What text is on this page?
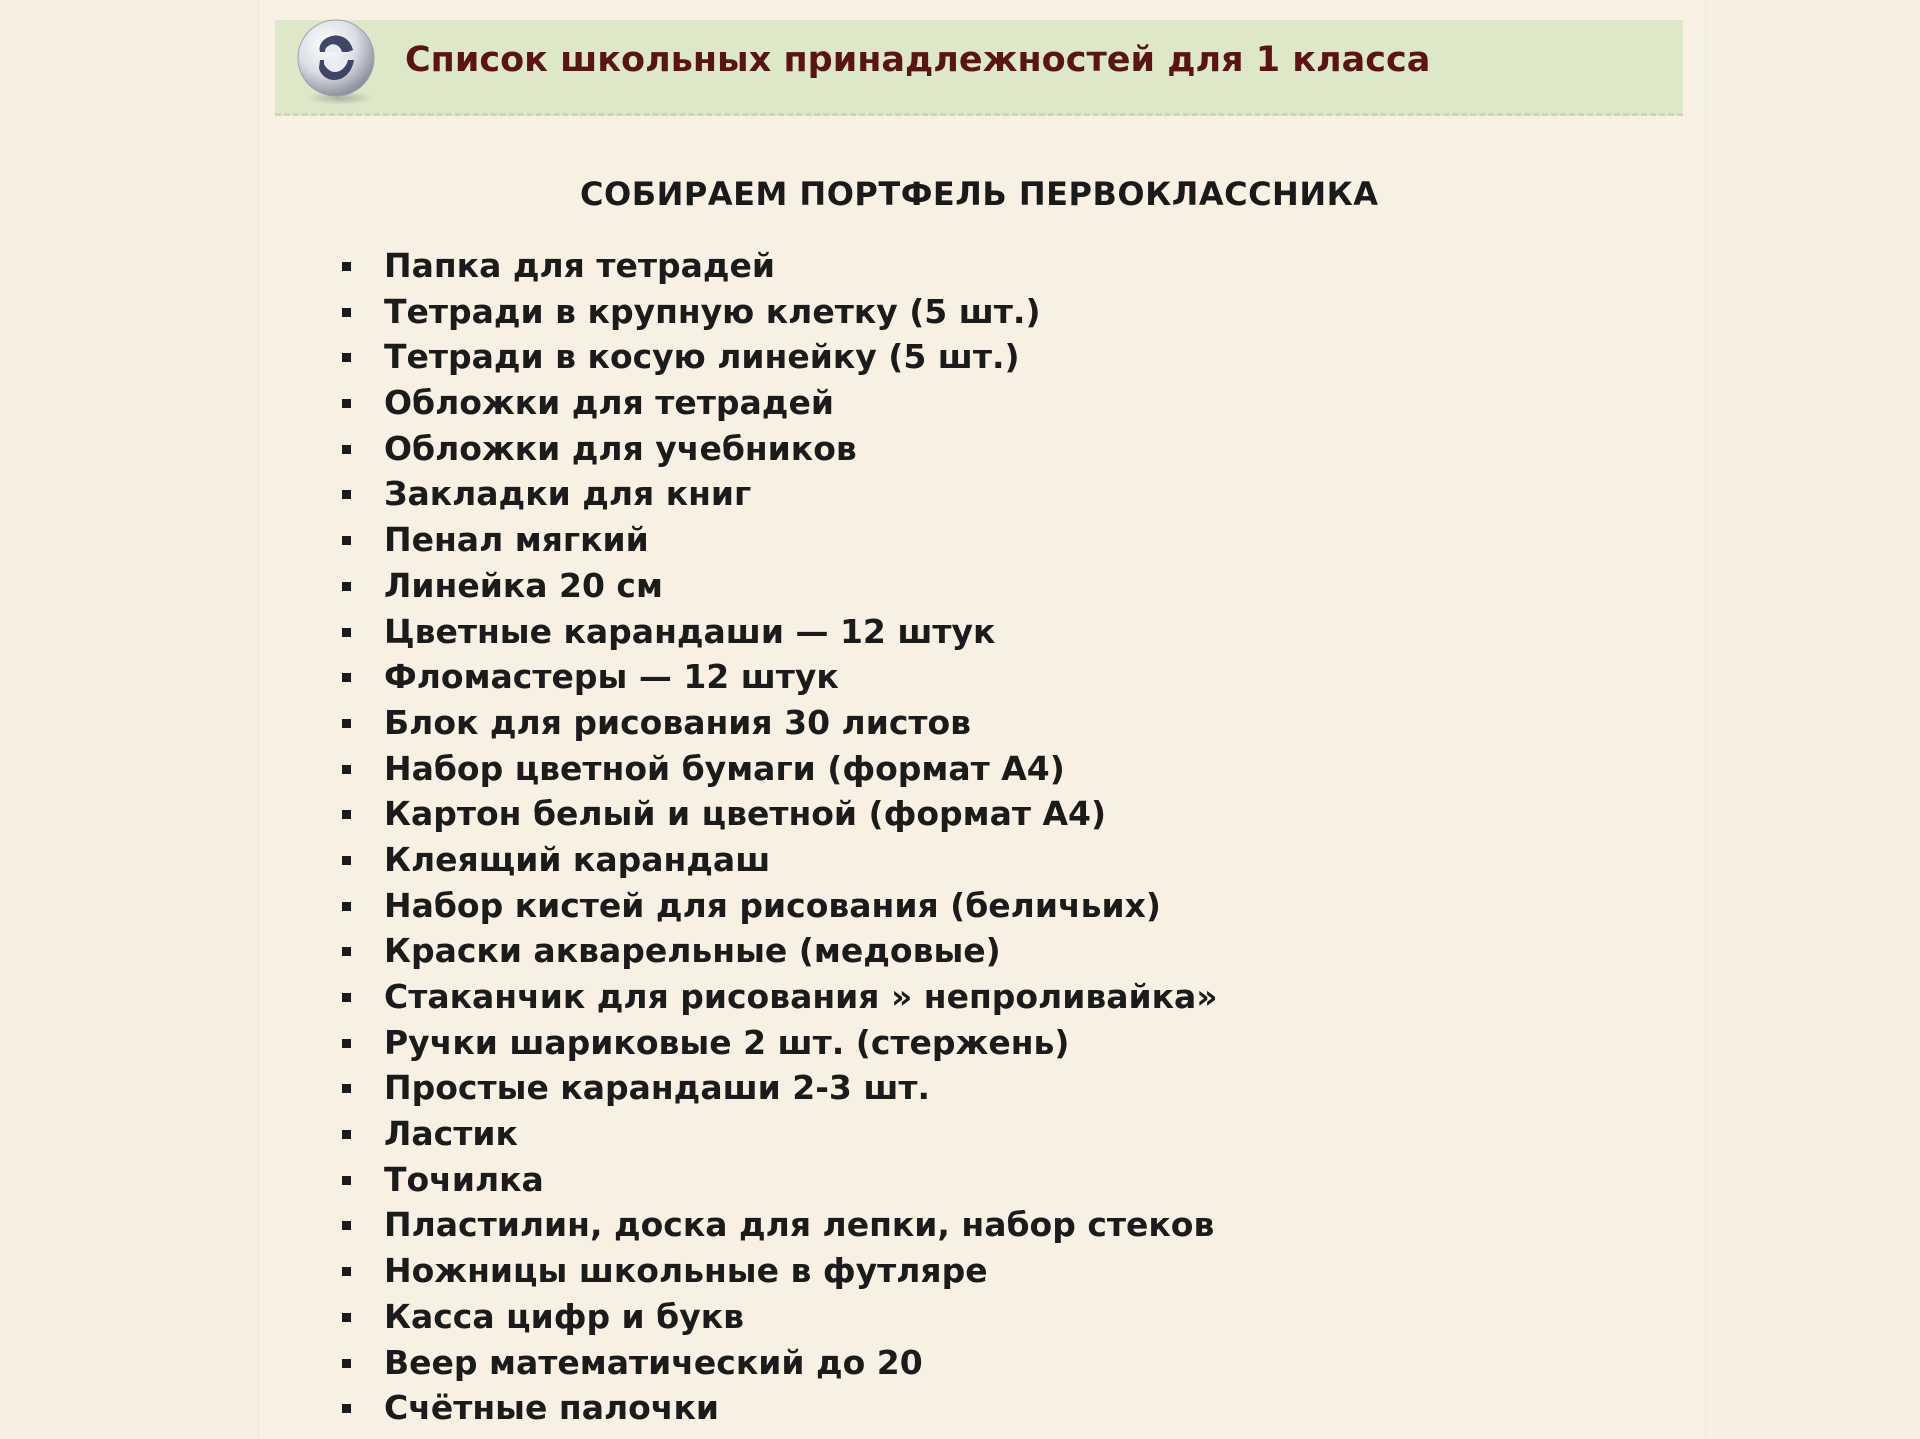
Список школьных принадлежностей для 1 класса
СОБИРАЕМ ПОРТФЕЛЬ ПЕРВОКЛАССНИКА
Папка для тетрадей
Тетради в крупную клетку (5 шт.)
Тетради в косую линейку (5 шт.)
Обложки для тетрадей
Обложки для учебников
Закладки для книг
Пенал мягкий
Линейка 20 см
Цветные карандаши — 12 штук
Фломастеры — 12 штук
Блок для рисования 30 листов
Набор цветной бумаги (формат А4)
Картон белый и цветной (формат А4)
Клеящий карандаш
Набор кистей для рисования (беличьих)
Краски акварельные (медовые)
Стаканчик для рисования » непроливайка»
Ручки шариковые 2 шт. (стержень)
Простые карандаши 2-3 шт.
Ластик
Точилка
Пластилин, доска для лепки, набор стеков
Ножницы школьные в футляре
Касса цифр и букв
Веер математический до 20
Счётные палочки
